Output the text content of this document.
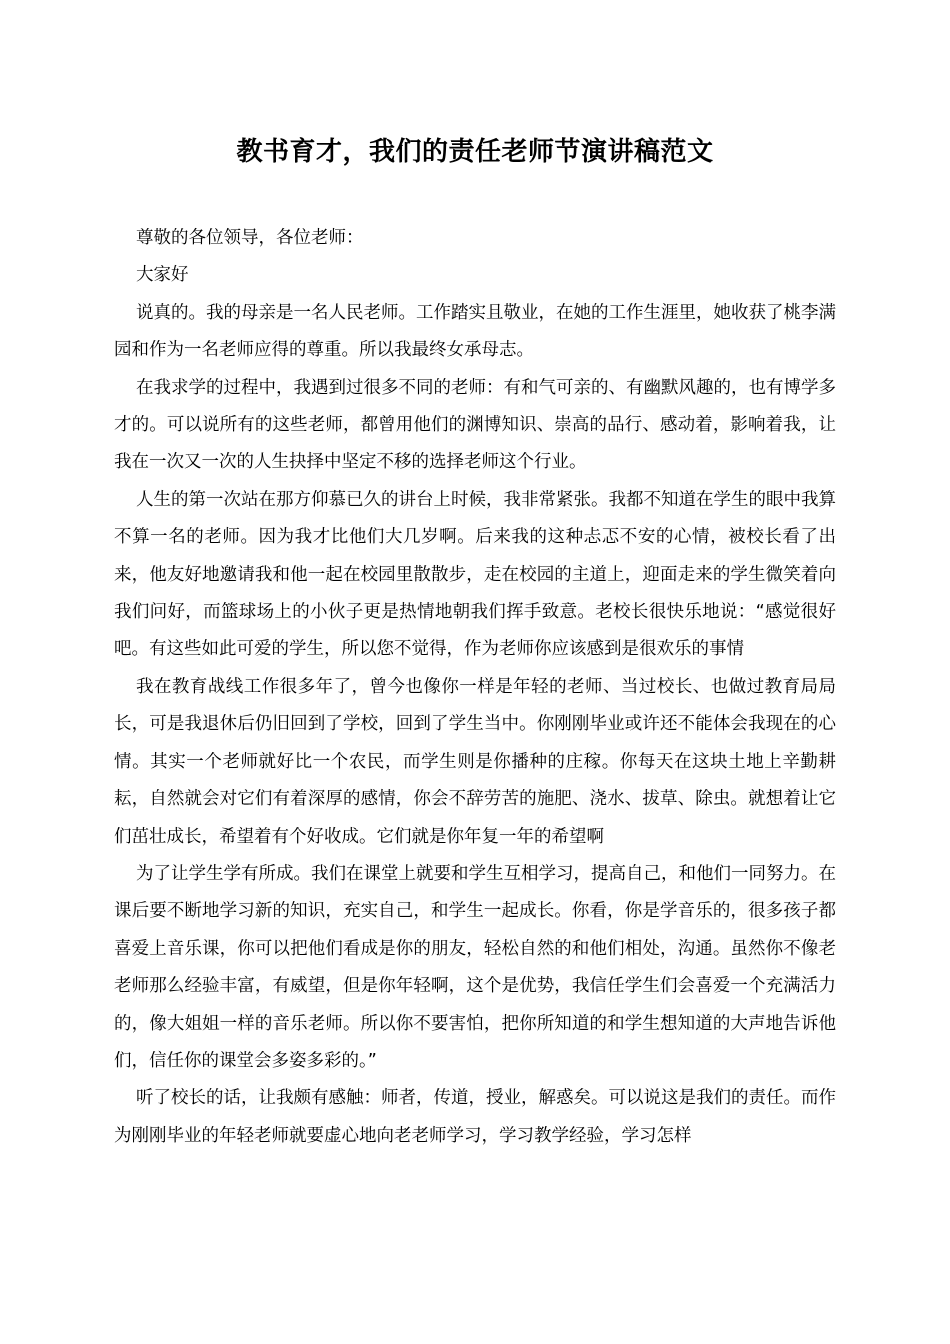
教书育才，我们的责任老师节演讲稿范文

尊敬的各位领导，各位老师：

大家好

说真的。我的母亲是一名人民老师。工作踏实且敬业，在她的工作生涯里，她收获了桃李满园和作为一名老师应得的尊重。所以我最终女承母志。

在我求学的过程中，我遇到过很多不同的老师：有和气可亲的、有幽默风趣的，也有博学多才的。可以说所有的这些老师，都曾用他们的渊博知识、崇高的品行、感动着，影响着我，让我在一次又一次的人生抉择中坚定不移的选择老师这个行业。

人生的第一次站在那方仰慕已久的讲台上时候，我非常紧张。我都不知道在学生的眼中我算不算一名的老师。因为我才比他们大几岁啊。后来我的这种忐忑不安的心情，被校长看了出来，他友好地邀请我和他一起在校园里散散步，走在校园的主道上，迎面走来的学生微笑着向我们问好，而篮球场上的小伙子更是热情地朝我们挥手致意。老校长很快乐地说：“感觉很好吧。有这些如此可爱的学生，所以您不觉得，作为老师你应该感到是很欢乐的事情

我在教育战线工作很多年了，曾今也像你一样是年轻的老师、当过校长、也做过教育局局长，可是我退休后仍旧回到了学校，回到了学生当中。你刚刚毕业或许还不能体会我现在的心情。其实一个老师就好比一个农民，而学生则是你播种的庄稼。你每天在这块土地上辛勤耕耘，自然就会对它们有着深厚的感情，你会不辞劳苦的施肥、浇水、拔草、除虫。就想着让它们茁壮成长，希望着有个好收成。它们就是你年复一年的希望啊

为了让学生学有所成。我们在课堂上就要和学生互相学习，提高自己，和他们一同努力。在课后要不断地学习新的知识，充实自己，和学生一起成长。你看，你是学音乐的，很多孩子都喜爱上音乐课，你可以把他们看成是你的朋友，轻松自然的和他们相处，沟通。虽然你不像老老师那么经验丰富，有威望，但是你年轻啊，这个是优势，我信任学生们会喜爱一个充满活力的，像大姐姐一样的音乐老师。所以你不要害怕，把你所知道的和学生想知道的大声地告诉他们，信任你的课堂会多姿多彩的。”

听了校长的话，让我颇有感触：师者，传道，授业，解惑矣。可以说这是我们的责任。而作为刚刚毕业的年轻老师就要虚心地向老老师学习，学习教学经验，学习怎样
